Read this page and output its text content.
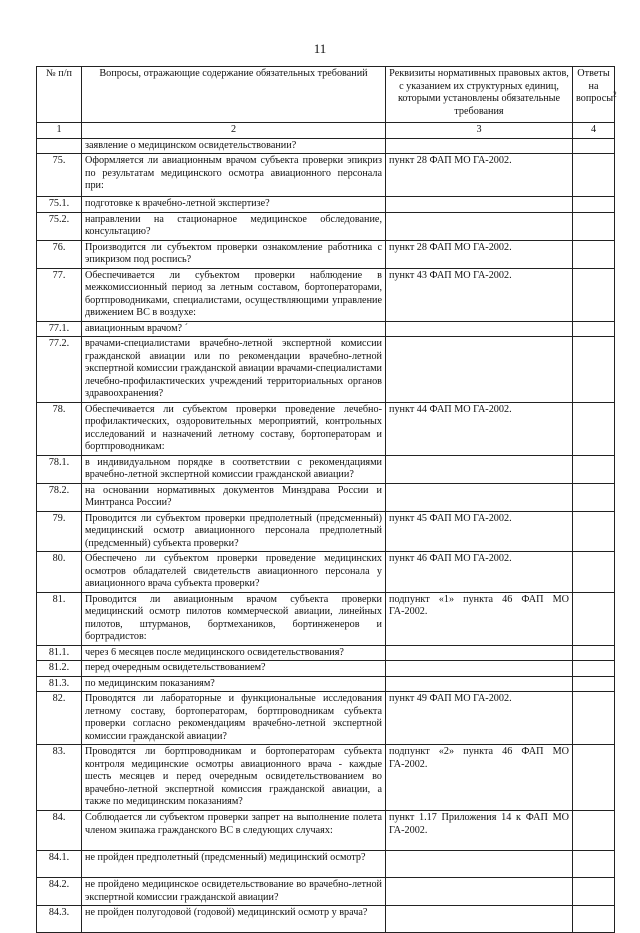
11
№ п/п	Вопросы, отражающие содержание обязательных требований	Реквизиты нормативных правовых актов, с указанием их структурных единиц, которыми установлены обязательные требования	Ответы на вопросы$^2$
1	2	3	4
	заявление о медицинском освидетельствовании?		
75.	Оформляется ли авиационным врачом субъекта проверки эпикриз по результатам медицинского осмотра авиационного персонала при:	пункт 28 ФАП МО ГА-2002.	
75.1.	подготовке к врачебно-летной экспертизе?		
75.2.	направлении на стационарное медицинское обследование, консультацию?		
76.	Производится ли субъектом проверки ознакомление работника с эпикризом под роспись?	пункт 28 ФАП МО ГА-2002.	
77.	Обеспечивается ли субъектом проверки наблюдение в межкомиссионный период за летным составом, бортоператорами, бортпроводниками, специалистами, осуществляющими управление движением ВС в воздухе:	пункт 43 ФАП МО ГА-2002.	
77.1.	авиационным врачом? ´		
77.2.	врачами-специалистами врачебно-летной экспертной комиссии гражданской авиации или по рекомендации врачебно-летной экспертной комиссии гражданской авиации врачами-специалистами лечебно-профилактических учреждений территориальных органов здравоохранения?		
78.	Обеспечивается ли субъектом проверки проведение лечебно-профилактических, оздоровительных мероприятий, контрольных исследований и назначений летному составу, бортоператорам и бортпроводникам:	пункт 44 ФАП МО ГА-2002.	
78.1.	в индивидуальном порядке в соответствии с рекомендациями врачебно-летной экспертной комиссии гражданской авиации?		
78.2.	на основании нормативных документов Минздрава России и Минтранса России?		
79.	Проводится ли субъектом проверки предполетный (предсменный) медицинский осмотр авиационного персонала предполетный (предсменный) субъекта проверки?	пункт 45 ФАП МО ГА-2002.	
80.	Обеспечено ли субъектом проверки проведение медицинских осмотров обладателей свидетельств авиационного персонала у авиационного врача субъекта проверки?	пункт 46 ФАП МО ГА-2002.	
81.	Проводится ли авиационным врачом субъекта проверки медицинский осмотр пилотов коммерческой авиации, линейных пилотов, штурманов, бортмехаников, бортинженеров и бортрадистов:	подпункт «1» пункта 46 ФАП МО ГА-2002.	
81.1.	через 6 месяцев после медицинского освидетельствования?		
81.2.	перед очередным освидетельствованием?		
81.3.	по медицинским показаниям?		
82.	Проводятся ли лабораторные и функциональные исследования летному составу, бортоператорам, бортпроводникам субъекта проверки согласно рекомендациям врачебно-летной экспертной комиссии гражданской авиации?	пункт 49 ФАП МО ГА-2002.	
83.	Проводятся ли бортпроводникам и бортоператорам субъекта контроля медицинские осмотры авиационного врача - каждые шесть месяцев и перед очередным освидетельствованием во врачебно-летной экспертной комиссия гражданской авиации, а также по медицинским показаниям?	подпункт «2» пункта 46 ФАП МО ГА-2002.	
84.	Соблюдается ли субъектом проверки запрет на выполнение полета членом экипажа гражданского ВС в следующих случаях:	пункт 1.17 Приложения 14 к ФАП МО ГА-2002.	
84.1.	не пройден предполетный (предсменный) медицинский осмотр?		
84.2.	не пройдено медицинское освидетельствование во врачебно-летной экспертной комиссии гражданской авиации?		
84.3.	не пройден полугодовой (годовой) медицинский осмотр у врача?		
